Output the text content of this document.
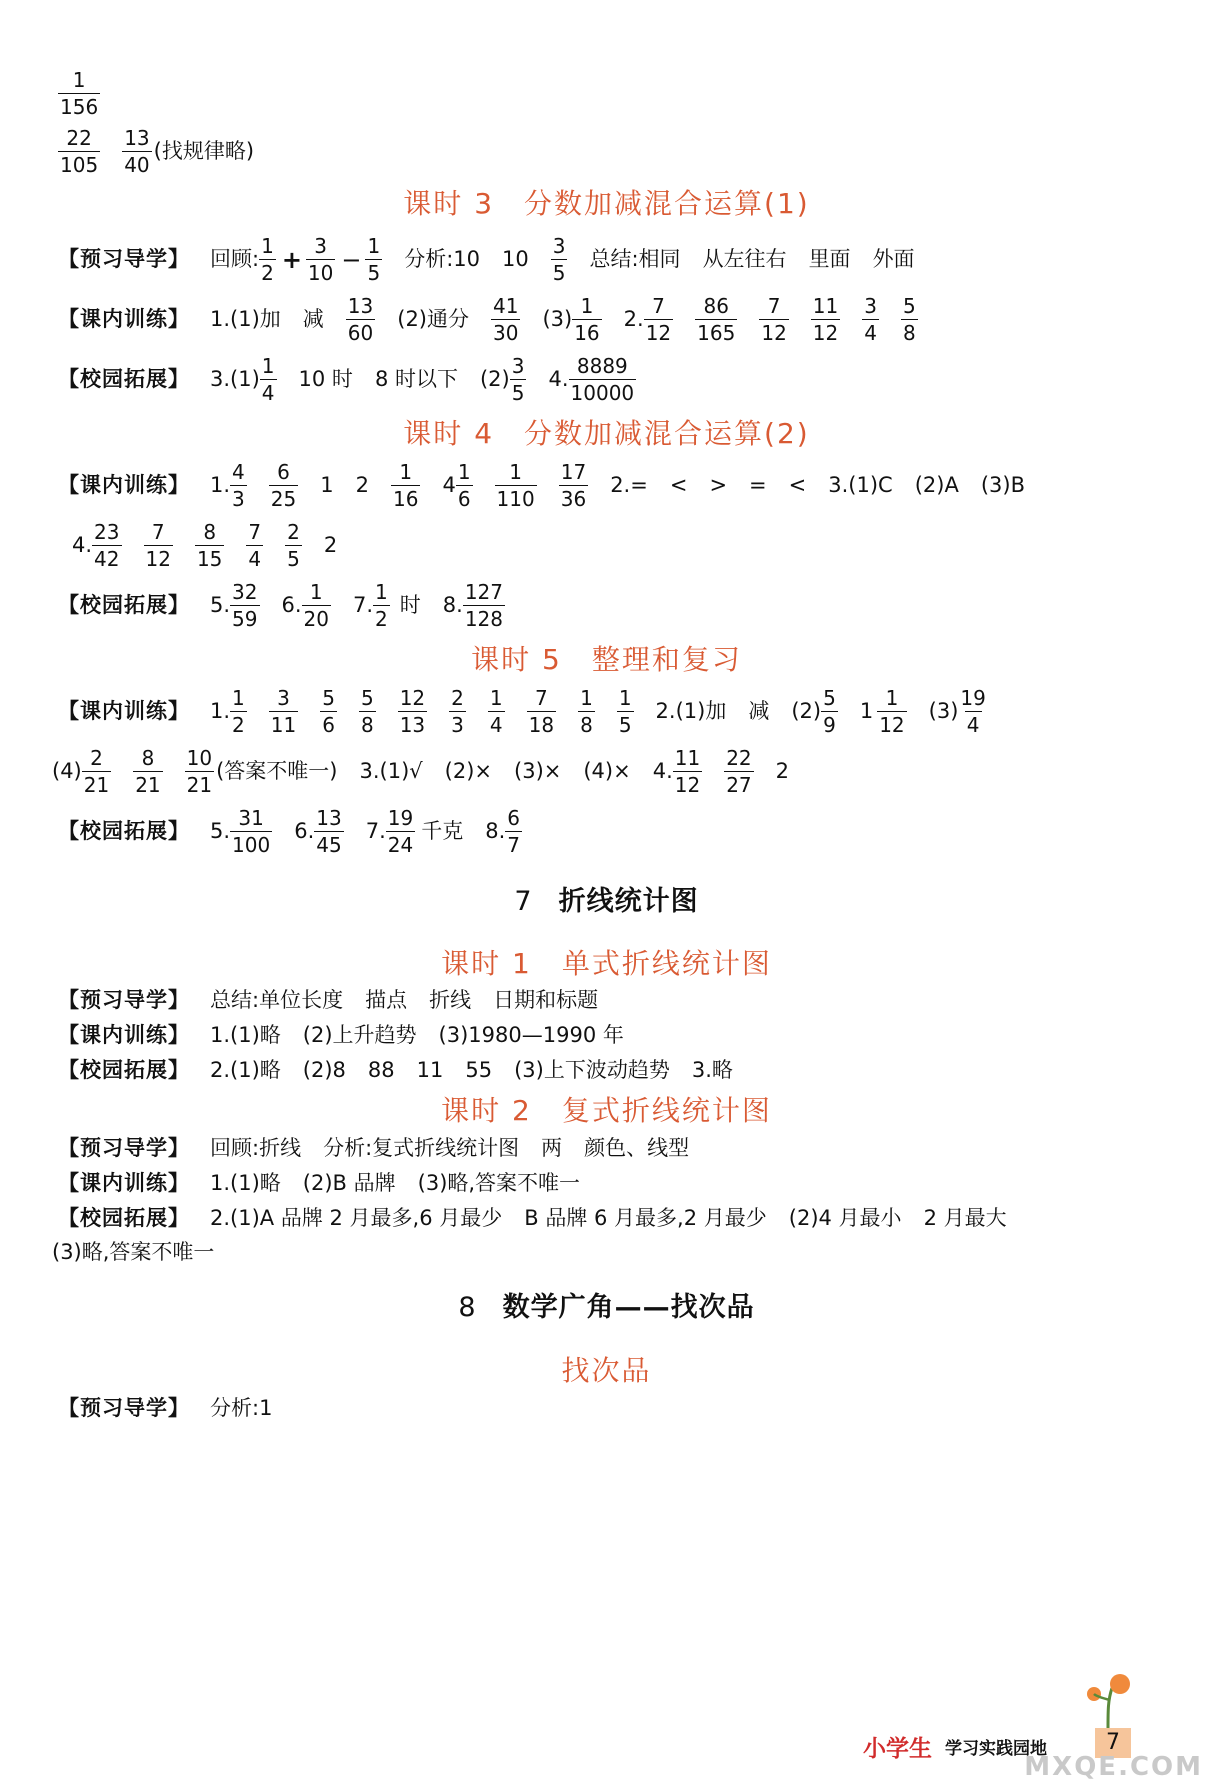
$\frac{1}{156}$
$\frac{22}{105} \frac{13}{40}$ (找规律略)
课时 3 分数加减混合运算(1)
【预习导学】 回顾: $\frac{1}{2} + \frac{3}{10} - \frac{1}{5}$ 分析:10 $10 \frac{3}{5}$ 总结:相同 从左往右 里面 外面
【课内训练】 1.(1)加 减 $\frac{13}{60} (2)$通分 $\frac{41}{30} (3) \frac{1}{16} 2$. $\frac{7}{12} \frac{86}{165} \frac{7}{12} \frac{11}{12} \frac{3}{4} \frac{5}{8}$
【校园拓展】 $3.(1) \frac{1}{4} 10$ 时 8 时以下 $(2) \frac{3}{5} 4$. $\frac{8889}{10000}$
课时 4 分数加减混合运算(2)
【课内训练】 1. $\frac{4}{3} \frac{6}{25} 1$ $2 \frac{1}{16} 4 \frac{1}{6} \frac{1}{110} \frac{17}{36} 2.=$ < > = < 3.(1)C (2)A (3)B
4. $\frac{23}{42} \frac{7}{12} \frac{8}{15} \frac{7}{4} \frac{2}{5} 2$
【校园拓展】 5. $\frac{32}{59} 6$. $\frac{1}{20} 7$. $\frac{1}{2}$ 时 8. $\frac{127}{128}$
课时 5 整理和复习
【课内训练】 1. $\frac{1}{2} \frac{3}{11} \frac{5}{6} \frac{5}{8} \frac{12}{13} \frac{2}{3} \frac{1}{4} \frac{7}{18} \frac{1}{8} \frac{1}{5} 2.(1)$加 减 $(2) \frac{5}{9} 1 \frac{1}{12} (3) \frac{19}{4}$
$(4) \frac{2}{21} \frac{8}{21} \frac{10}{21}$ (答案不唯一) 3.(1)√ (2)× (3)× (4)× 4. $\frac{11}{12} \frac{22}{27} 2$
【校园拓展】 5. $\frac{31}{100} 6$. $\frac{13}{45} 7$. $\frac{19}{24}$ 千克 8. $\frac{6}{7}$
7 折线统计图
课时 1 单式折线统计图
【预习导学】 总结:单位长度 描点 折线 日期和标题
【课内训练】 1.(1)略 (2)上升趋势 (3)1980—1990 年
【校园拓展】 2.(1)略 (2)8 88 11 55 (3)上下波动趋势 3.略
课时 2 复式折线统计图
【预习导学】 回顾:折线 分析:复式折线统计图 两 颜色、线型
【课内训练】 1.(1)略 (2)B 品牌 (3)略,答案不唯一
【校园拓展】 2.(1)A 品牌 2 月最多,6 月最少 B 品牌 6 月最多,2 月最少 (2)4 月最小 2 月最大
(3)略,答案不唯一
8 数学广角——找次品
找次品
【预习导学】 分析:1
小学生 学习实践园地	7
MXQE.COM
